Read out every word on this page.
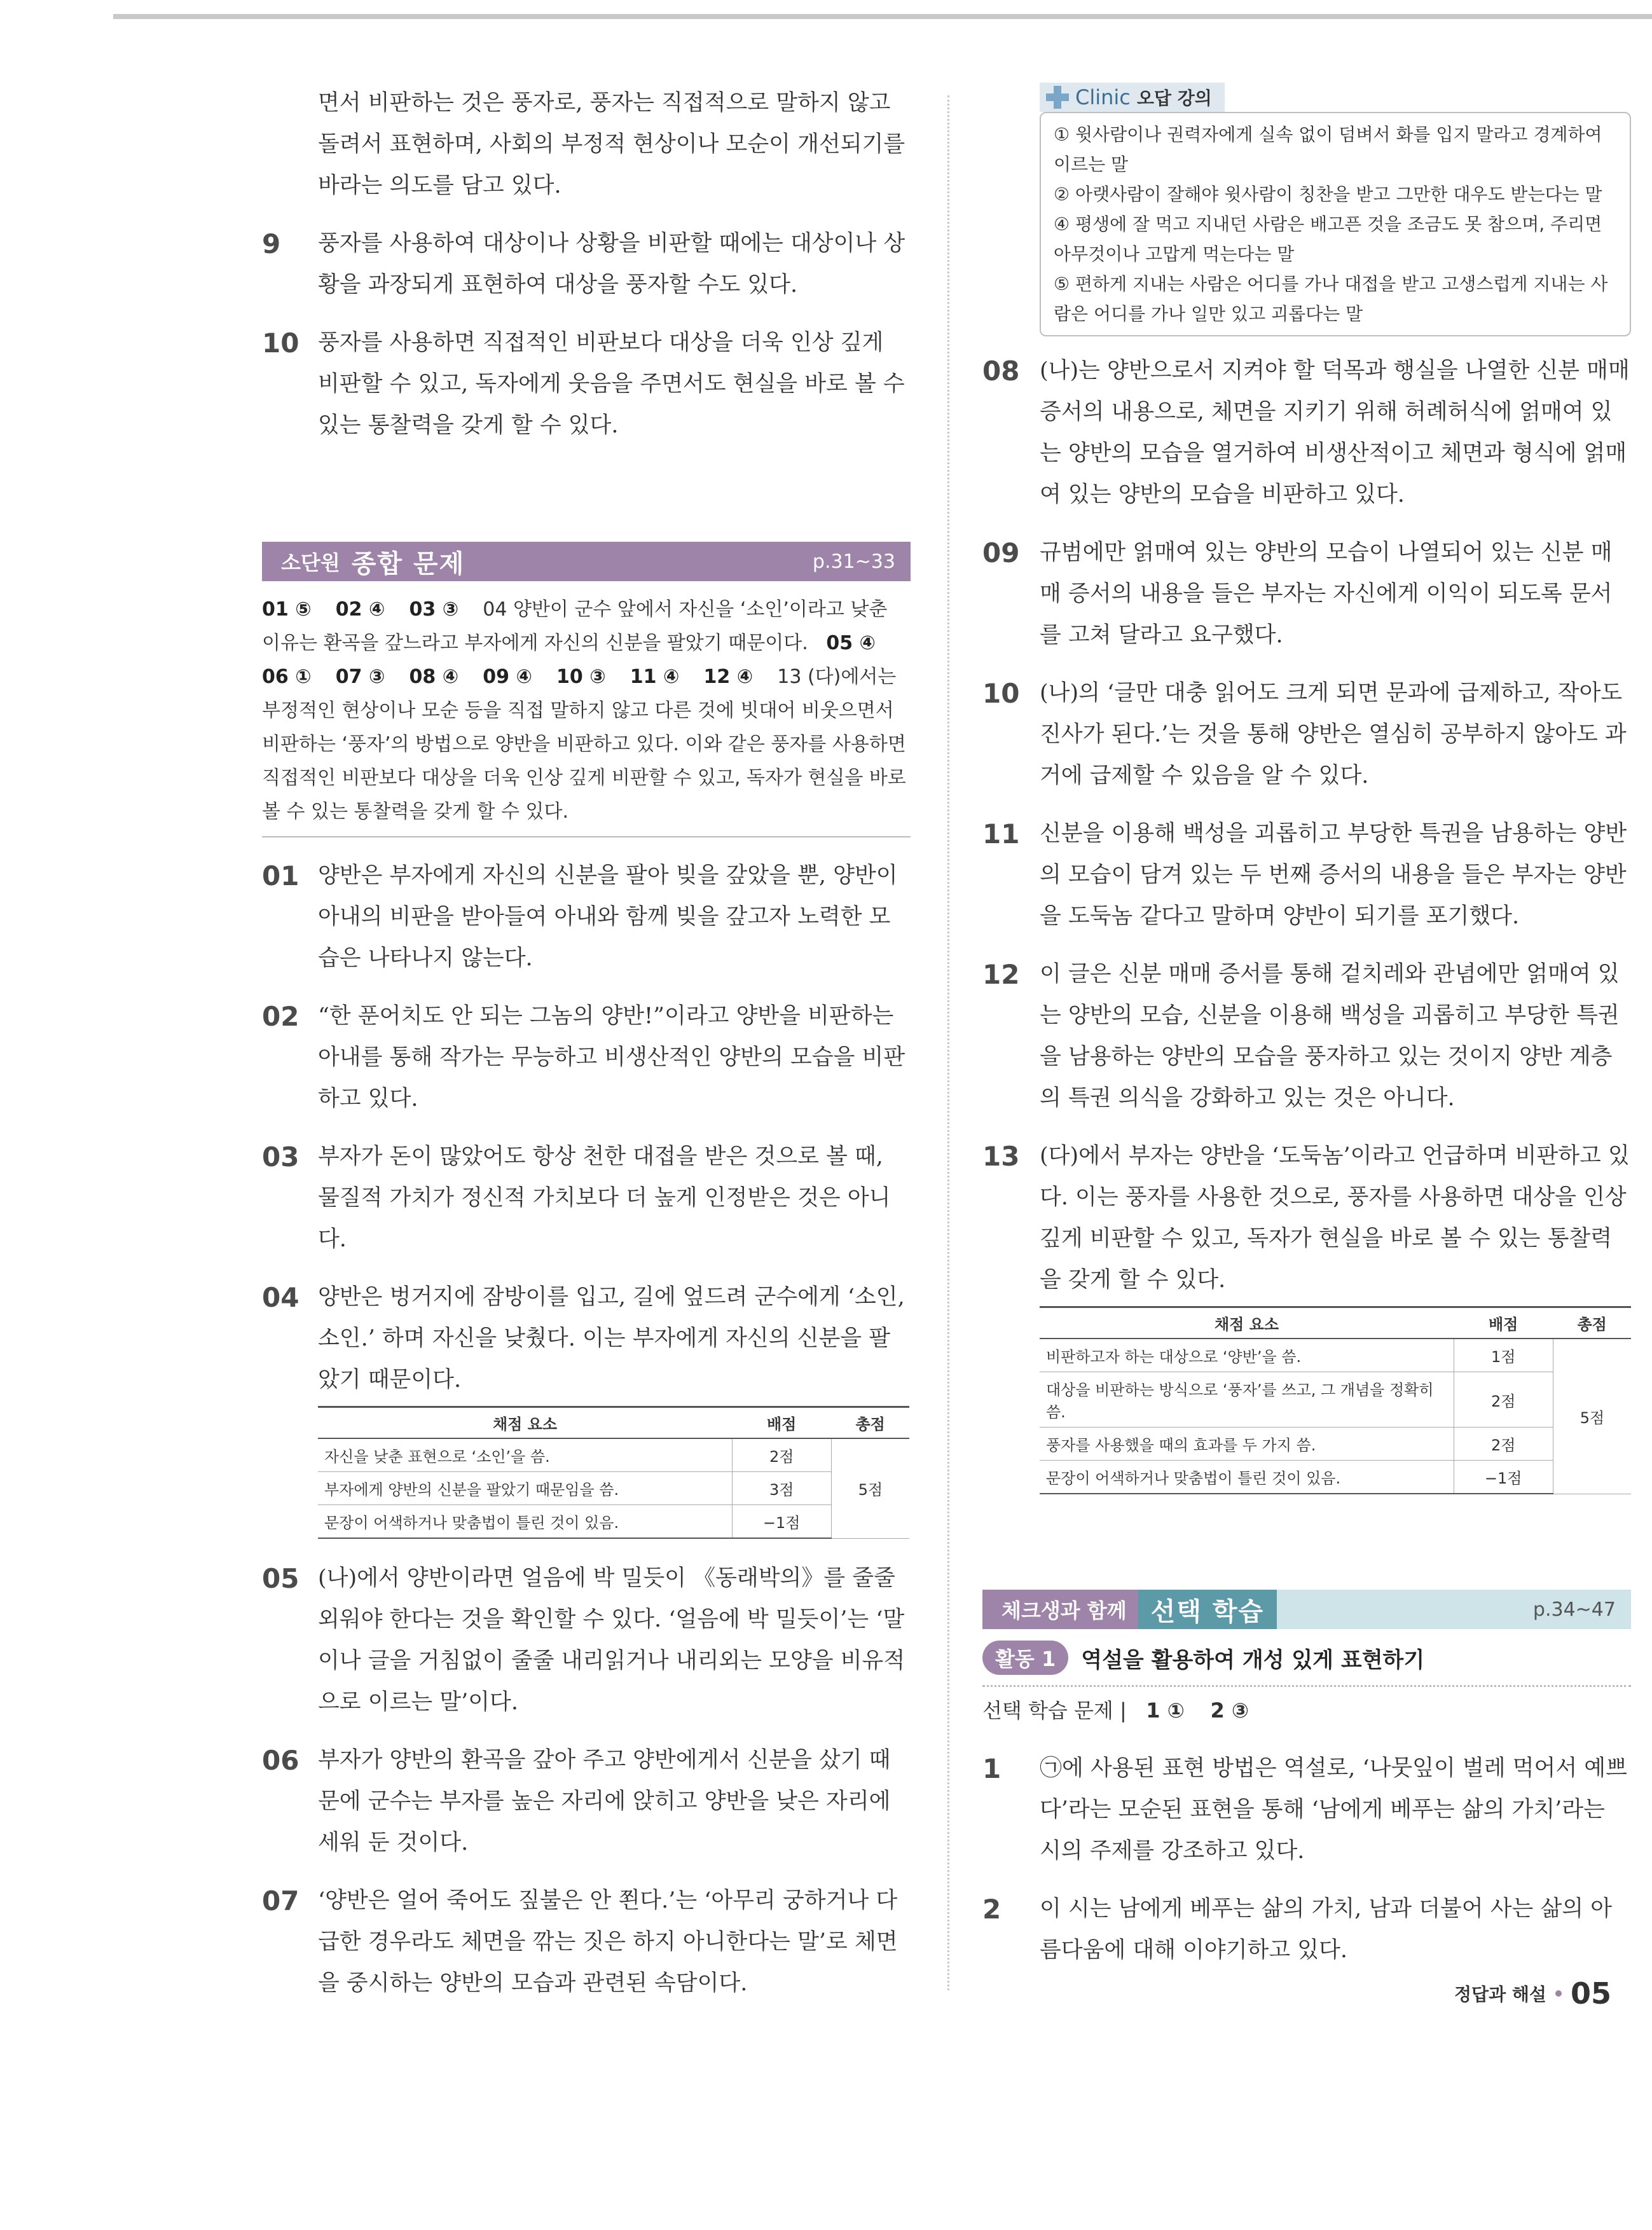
면서 비판하는 것은 풍자로, 풍자는 직접적으로 말하지 않고 돌려서 표현하며, 사회의 부정적 현상이나 모순이 개선되기를 바라는 의도를 담고 있다.

9 풍자를 사용하여 대상이나 상황을 비판할 때에는 대상이나 상황을 과장되게 표현하여 대상을 풍자할 수도 있다.

10 풍자를 사용하면 직접적인 비판보다 대상을 더욱 인상 깊게 비판할 수 있고, 독자에게 웃음을 주면서도 현실을 바로 볼 수 있는 통찰력을 갖게 할 수 있다.

소단원 종합 문제	p.31~33
01 ⑤ 02 ④ 03 ③ 04 양반이 군수 앞에서 자신을 ‘소인’이라고 낮춘 이유는 환곡을 갚느라고 부자에게 자신의 신분을 팔았기 때문이다. 05 ④
06 ① 07 ③ 08 ④ 09 ④ 10 ③ 11 ④ 12 ④ 13 (다)에서는 부정적인 현상이나 모순 등을 직접 말하지 않고 다른 것에 빗대어 비웃으면서 비판하는 ‘풍자’의 방법으로 양반을 비판하고 있다. 이와 같은 풍자를 사용하면 직접적인 비판보다 대상을 더욱 인상 깊게 비판할 수 있고, 독자가 현실을 바로 볼 수 있는 통찰력을 갖게 할 수 있다.
01 양반은 부자에게 자신의 신분을 팔아 빚을 갚았을 뿐, 양반이 아내의 비판을 받아들여 아내와 함께 빚을 갚고자 노력한 모습은 나타나지 않는다.

02 “한 푼어치도 안 되는 그놈의 양반!”이라고 양반을 비판하는 아내를 통해 작가는 무능하고 비생산적인 양반의 모습을 비판하고 있다.

03 부자가 돈이 많았어도 항상 천한 대접을 받은 것으로 볼 때, 물질적 가치가 정신적 가치보다 더 높게 인정받은 것은 아니다.

04 양반은 벙거지에 잠방이를 입고, 길에 엎드려 군수에게 ‘소인, 소인.’ 하며 자신을 낮췄다. 이는 부자에게 자신의 신분을 팔았기 때문이다.

채점 요소	배점	총점
자신을 낮춘 표현으로 ‘소인’을 씀.	2점	5점
부자에게 양반의 신분을 팔았기 때문임을 씀.	3점	
문장이 어색하거나 맞춤법이 틀린 것이 있음.	−1점	
05 (나)에서 양반이라면 얼음에 박 밀듯이 《동래박의》를 줄줄 외워야 한다는 것을 확인할 수 있다. ‘얼음에 박 밀듯이’는 ‘말이나 글을 거침없이 줄줄 내리읽거나 내리외는 모양을 비유적으로 이르는 말’이다.

06 부자가 양반의 환곡을 갚아 주고 양반에게서 신분을 샀기 때문에 군수는 부자를 높은 자리에 앉히고 양반을 낮은 자리에 세워 둔 것이다.

07 ‘양반은 얼어 죽어도 짚불은 안 쬔다.’는 ‘아무리 궁하거나 다급한 경우라도 체면을 깎는 짓은 하지 아니한다는 말’로 체면을 중시하는 양반의 모습과 관련된 속담이다.

Clinic 오답 강의

① 윗사람이나 권력자에게 실속 없이 덤벼서 화를 입지 말라고 경계하여 이르는 말

② 아랫사람이 잘해야 윗사람이 칭찬을 받고 그만한 대우도 받는다는 말

④ 평생에 잘 먹고 지내던 사람은 배고픈 것을 조금도 못 참으며, 주리면 아무것이나 고맙게 먹는다는 말

⑤ 편하게 지내는 사람은 어디를 가나 대접을 받고 고생스럽게 지내는 사람은 어디를 가나 일만 있고 괴롭다는 말

08 (나)는 양반으로서 지켜야 할 덕목과 행실을 나열한 신분 매매 증서의 내용으로, 체면을 지키기 위해 허례허식에 얽매여 있는 양반의 모습을 열거하여 비생산적이고 체면과 형식에 얽매여 있는 양반의 모습을 비판하고 있다.

09 규범에만 얽매여 있는 양반의 모습이 나열되어 있는 신분 매매 증서의 내용을 들은 부자는 자신에게 이익이 되도록 문서를 고쳐 달라고 요구했다.

10 (나)의 ‘글만 대충 읽어도 크게 되면 문과에 급제하고, 작아도 진사가 된다.’는 것을 통해 양반은 열심히 공부하지 않아도 과거에 급제할 수 있음을 알 수 있다.

11 신분을 이용해 백성을 괴롭히고 부당한 특권을 남용하는 양반의 모습이 담겨 있는 두 번째 증서의 내용을 들은 부자는 양반을 도둑놈 같다고 말하며 양반이 되기를 포기했다.

12 이 글은 신분 매매 증서를 통해 겉치레와 관념에만 얽매여 있는 양반의 모습, 신분을 이용해 백성을 괴롭히고 부당한 특권을 남용하는 양반의 모습을 풍자하고 있는 것이지 양반 계층의 특권 의식을 강화하고 있는 것은 아니다.

13 (다)에서 부자는 양반을 ‘도둑놈’이라고 언급하며 비판하고 있다. 이는 풍자를 사용한 것으로, 풍자를 사용하면 대상을 인상 깊게 비판할 수 있고, 독자가 현실을 바로 볼 수 있는 통찰력을 갖게 할 수 있다.

채점 요소	배점	총점
비판하고자 하는 대상으로 ‘양반’을 씀.	1점	5점
대상을 비판하는 방식으로 ‘풍자’를 쓰고, 그 개념을 정확히 씀.	2점	
풍자를 사용했을 때의 효과를 두 가지 씀.	2점	
문장이 어색하거나 맞춤법이 틀린 것이 있음.	−1점	
체크생과 함께 선택 학습	p.34~47
활동 1	역설을 활용하여 개성 있게 표현하기
선택 학습 문제 | 1 ① 2 ③
1 ㉠에 사용된 표현 방법은 역설로, ‘나뭇잎이 벌레 먹어서 예쁘다’라는 모순된 표현을 통해 ‘남에게 베푸는 삶의 가치’라는 시의 주제를 강조하고 있다.

2 이 시는 남에게 베푸는 삶의 가치, 남과 더불어 사는 삶의 아름다움에 대해 이야기하고 있다.

정답과 해설 05
